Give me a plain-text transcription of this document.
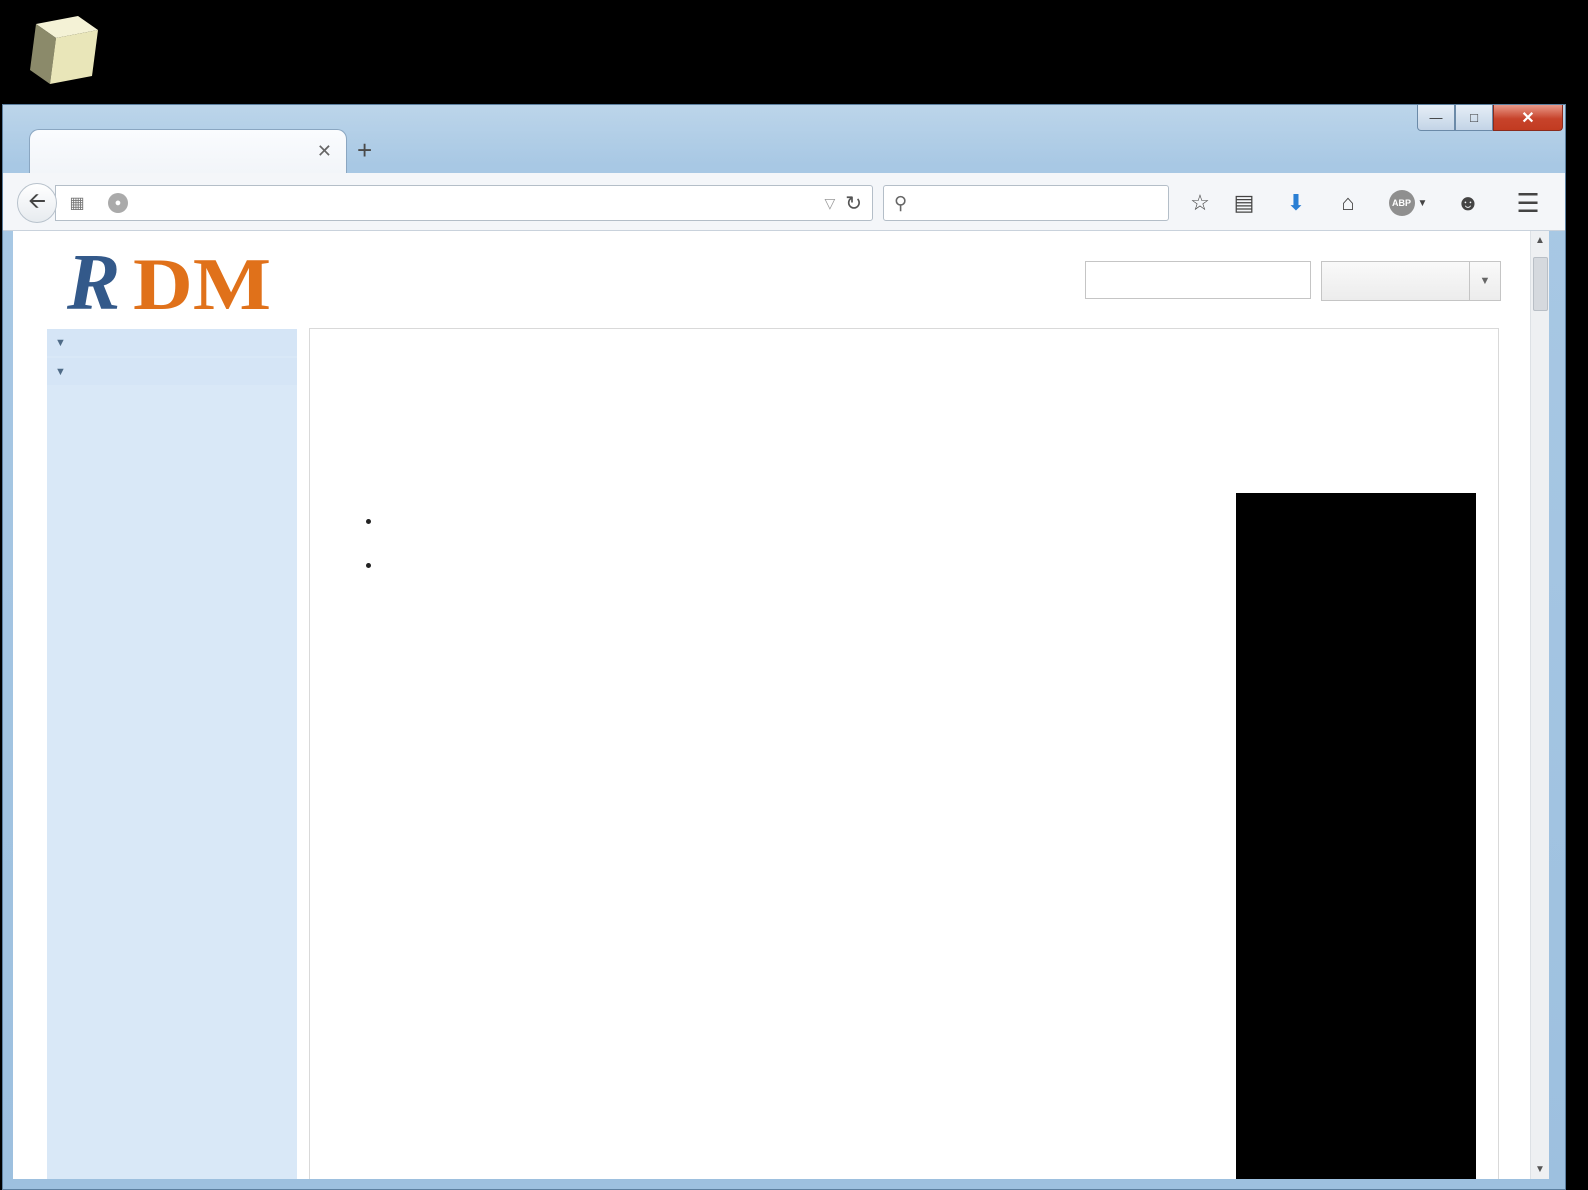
—	□	✕
✕ +
▦	●	▽ ↻
🡨	⚲	☆	▤	⬇	⌂	ABP ▼ ☻ ☰
R DM	▼
▼
▼

•

•
▲
▼
